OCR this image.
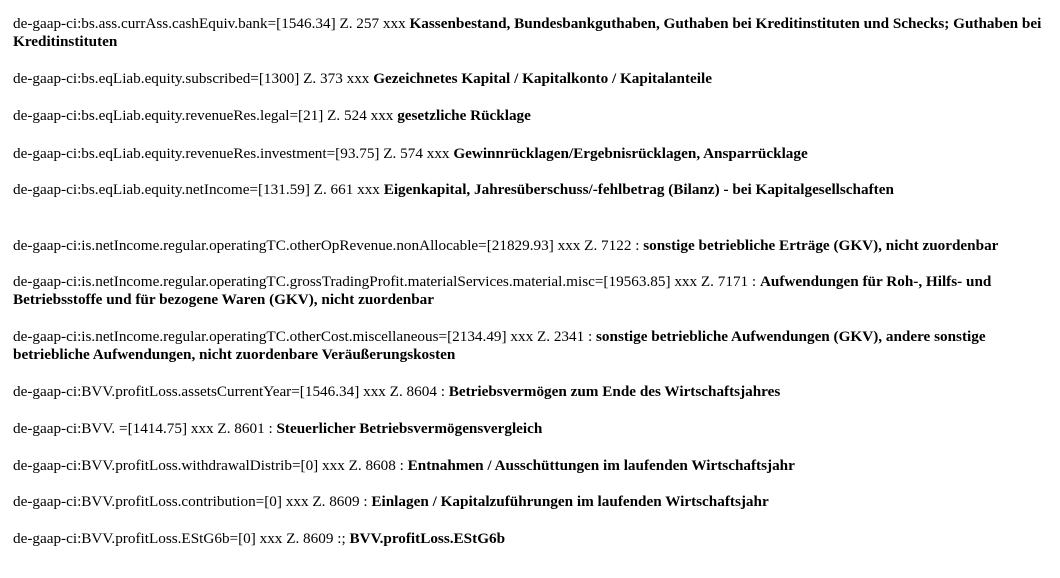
de-gaap-ci:bs.ass.currAss.cashEquiv.bank=[1546.34] Z. 257 xxx Kassenbestand, Bundesbankguthaben, Guthaben bei Kreditinstituten und Schecks; Guthaben bei Kreditinstituten

de-gaap-ci:bs.eqLiab.equity.subscribed=[1300] Z. 373 xxx Gezeichnetes Kapital / Kapitalkonto / Kapitalanteile

de-gaap-ci:bs.eqLiab.equity.revenueRes.legal=[21] Z. 524 xxx gesetzliche Rücklage

de-gaap-ci:bs.eqLiab.equity.revenueRes.investment=[93.75] Z. 574 xxx Gewinnrücklagen/Ergebnisrücklagen, Ansparrücklage

de-gaap-ci:bs.eqLiab.equity.netIncome=[131.59] Z. 661 xxx Eigenkapital, Jahresüberschuss/-fehlbetrag (Bilanz) - bei Kapitalgesellschaften

de-gaap-ci:is.netIncome.regular.operatingTC.otherOpRevenue.nonAllocable=[21829.93] xxx Z. 7122 : sonstige betriebliche Erträge (GKV), nicht zuordenbar

de-gaap-ci:is.netIncome.regular.operatingTC.grossTradingProfit.materialServices.material.misc=[19563.85] xxx Z. 7171 : Aufwendungen für Roh-, Hilfs- und Betriebsstoffe und für bezogene Waren (GKV), nicht zuordenbar

de-gaap-ci:is.netIncome.regular.operatingTC.otherCost.miscellaneous=[2134.49] xxx Z. 2341 : sonstige betriebliche Aufwendungen (GKV), andere sonstige betriebliche Aufwendungen, nicht zuordenbare Veräußerungskosten

de-gaap-ci:BVV.profitLoss.assetsCurrentYear=[1546.34] xxx Z. 8604 : Betriebsvermögen zum Ende des Wirtschaftsjahres

de-gaap-ci:BVV. =[1414.75] xxx Z. 8601 : Steuerlicher Betriebsvermögensvergleich

de-gaap-ci:BVV.profitLoss.withdrawalDistrib=[0] xxx Z. 8608 : Entnahmen / Ausschüttungen im laufenden Wirtschaftsjahr

de-gaap-ci:BVV.profitLoss.contribution=[0] xxx Z. 8609 : Einlagen / Kapitalzuführungen im laufenden Wirtschaftsjahr

de-gaap-ci:BVV.profitLoss.EStG6b=[0] xxx Z. 8609 :; BVV.profitLoss.EStG6b
